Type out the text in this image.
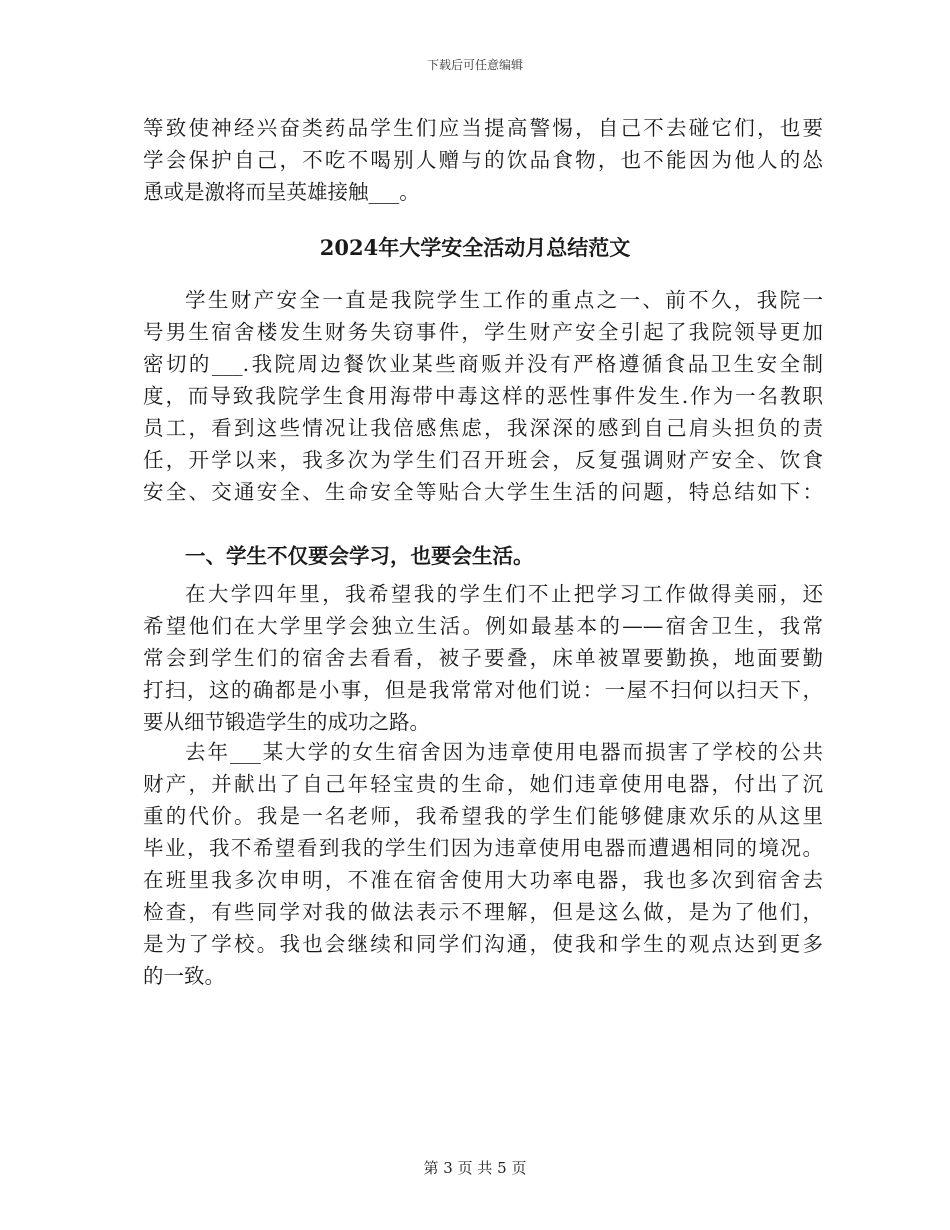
下载后可任意编辑
等致使神经兴奋类药品学生们应当提高警惕，自己不去碰它们，也要
学会保护自己，不吃不喝别人赠与的饮品食物，也不能因为他人的怂
恿或是激将而呈英雄接触___。
2024年大学安全活动月总结范文
学生财产安全一直是我院学生工作的重点之一、前不久，我院一
号男生宿舍楼发生财务失窃事件，学生财产安全引起了我院领导更加
密切的___.我院周边餐饮业某些商贩并没有严格遵循食品卫生安全制
度，而导致我院学生食用海带中毒这样的恶性事件发生.作为一名教职
员工，看到这些情况让我倍感焦虑，我深深的感到自己肩头担负的责
任，开学以来，我多次为学生们召开班会，反复强调财产安全、饮食
安全、交通安全、生命安全等贴合大学生生活的问题，特总结如下：
一、学生不仅要会学习，也要会生活。
在大学四年里，我希望我的学生们不止把学习工作做得美丽，还
希望他们在大学里学会独立生活。例如最基本的——宿舍卫生，我常
常会到学生们的宿舍去看看，被子要叠，床单被罩要勤换，地面要勤
打扫，这的确都是小事，但是我常常对他们说：一屋不扫何以扫天下，
要从细节锻造学生的成功之路。
去年___某大学的女生宿舍因为违章使用电器而损害了学校的公共
财产，并献出了自己年轻宝贵的生命，她们违章使用电器，付出了沉
重的代价。我是一名老师，我希望我的学生们能够健康欢乐的从这里
毕业，我不希望看到我的学生们因为违章使用电器而遭遇相同的境况。
在班里我多次申明，不准在宿舍使用大功率电器，我也多次到宿舍去
检查，有些同学对我的做法表示不理解，但是这么做，是为了他们，
是为了学校。我也会继续和同学们沟通，使我和学生的观点达到更多
的一致。
第 3 页 共 5 页
